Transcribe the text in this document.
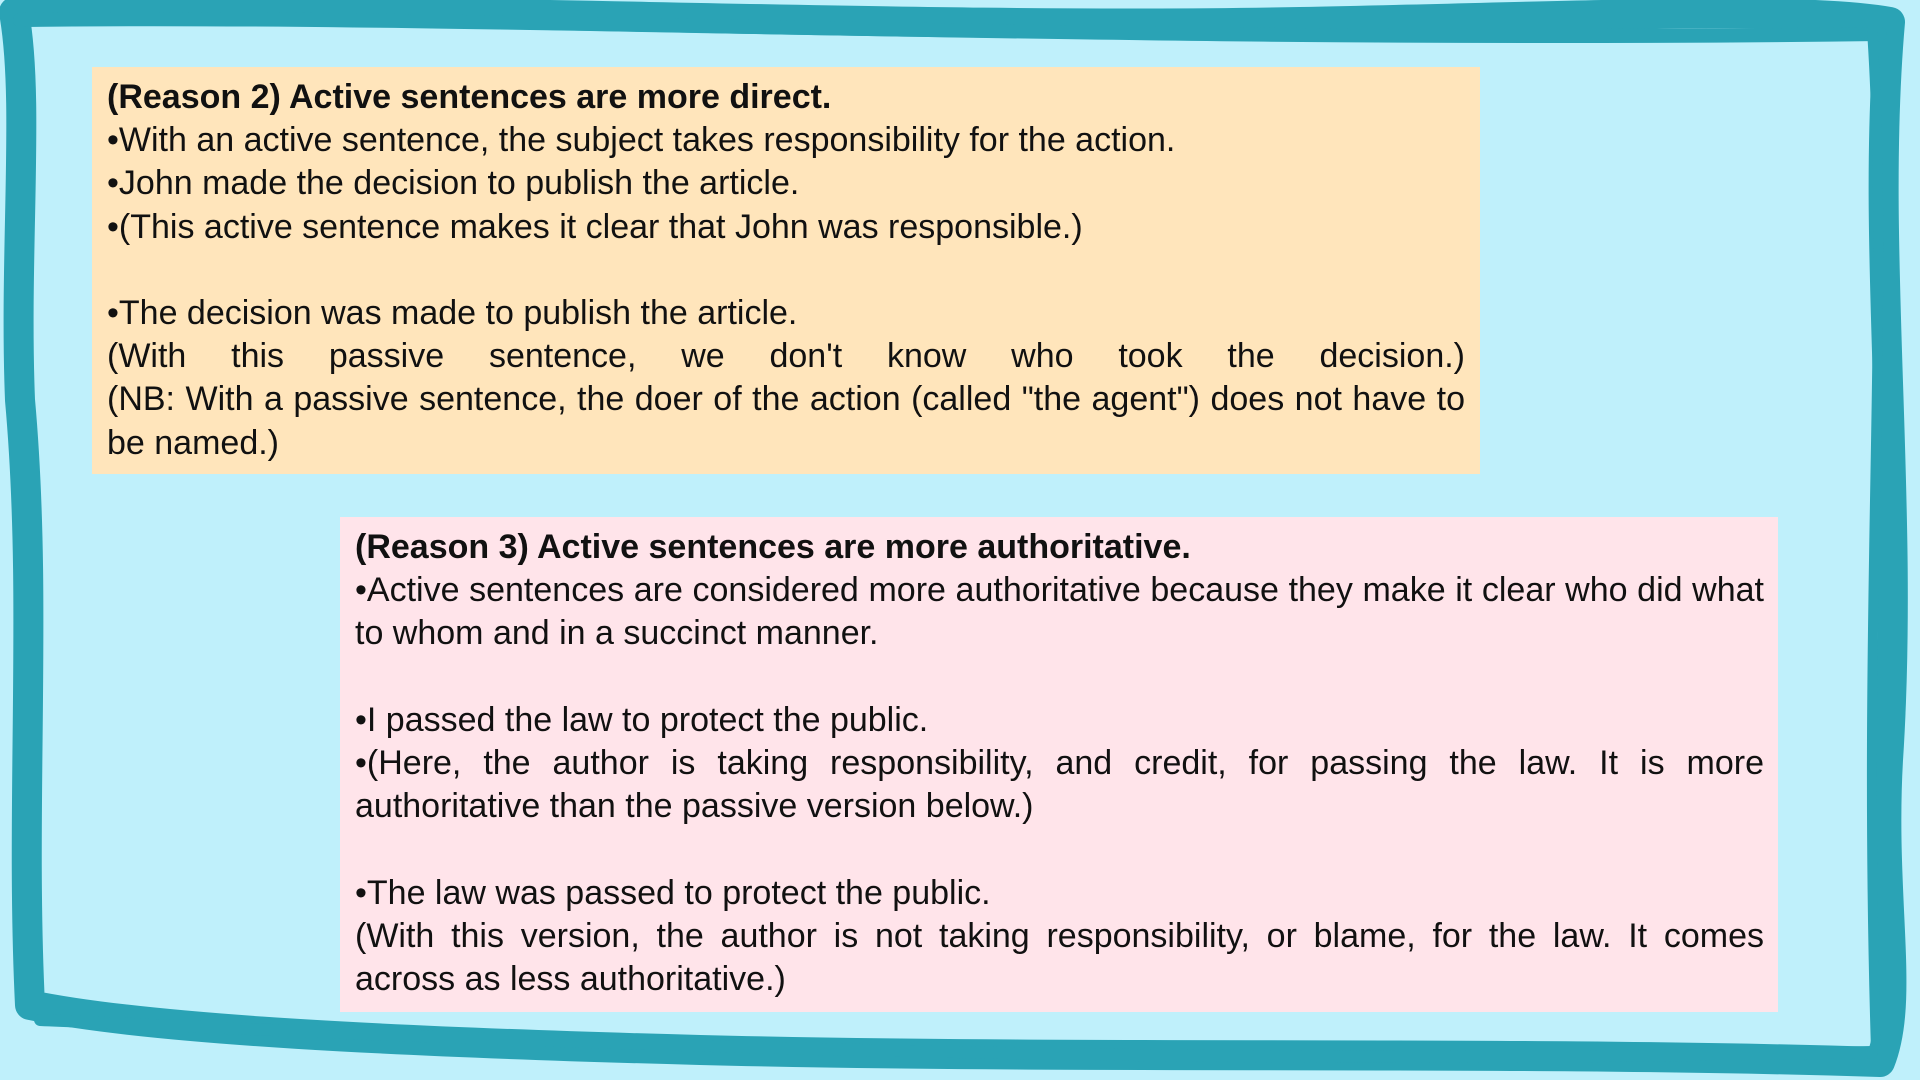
(Reason 2) Active sentences are more direct.
•With an active sentence, the subject takes responsibility for the action.
•John made the decision to publish the article.
•(This active sentence makes it clear that John was responsible.)
•The decision was made to publish the article.
(With this passive sentence, we don't know who took the decision.)
(NB: With a passive sentence, the doer of the action (called "the agent") does not have to be named.)
(Reason 3) Active sentences are more authoritative.
•Active sentences are considered more authoritative because they make it clear who did what to whom and in a succinct manner.
•I passed the law to protect the public.
•(Here, the author is taking responsibility, and credit, for passing the law. It is more authoritative than the passive version below.)
•The law was passed to protect the public.
(With this version, the author is not taking responsibility, or blame, for the law. It comes across as less authoritative.)
